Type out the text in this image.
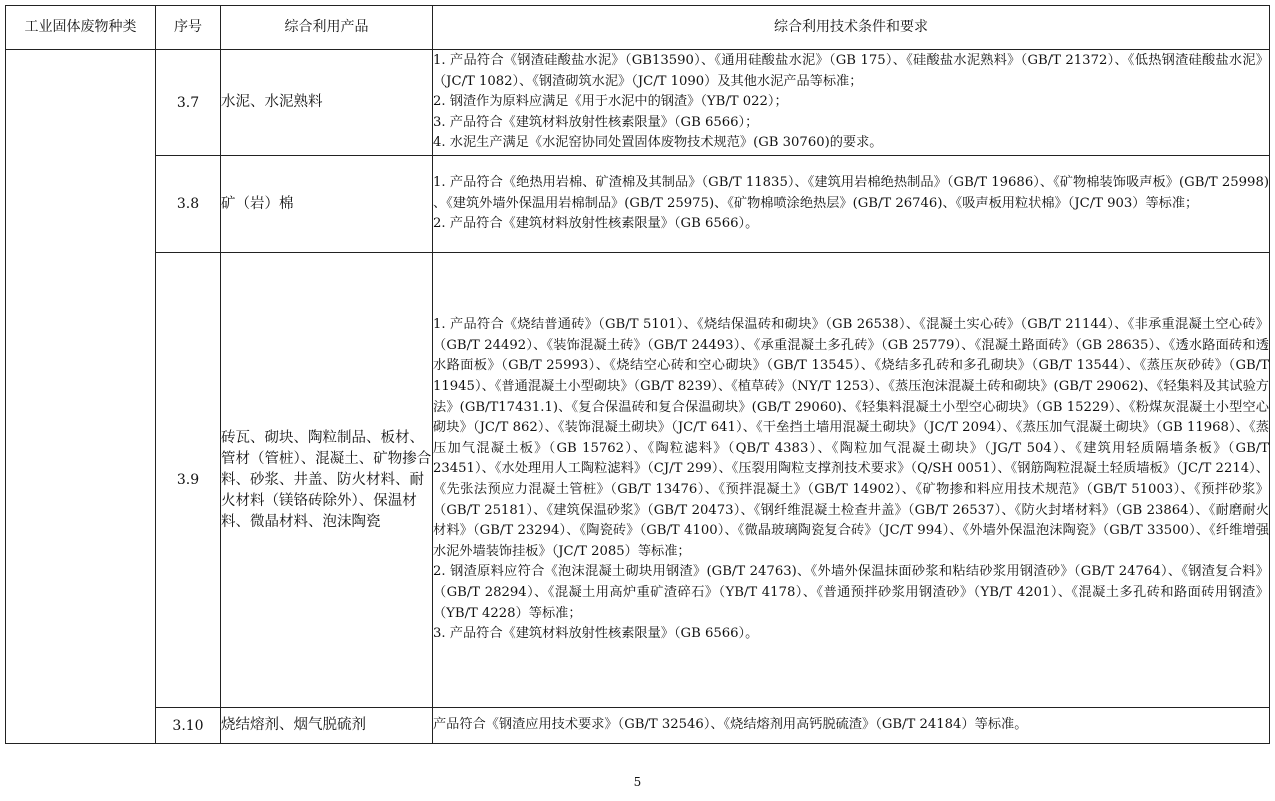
工业固体废物种类	序号	综合利用产品	综合利用技术条件和要求
	3.7	水泥、水泥熟料	1. 产品符合《钢渣硅酸盐水泥》（GB13590）、《通用硅酸盐水泥》（GB 175）、《硅酸盐水泥熟料》（GB/T 21372）、《低热钢渣硅酸盐水泥》（JC/T 1082）、《钢渣砌筑水泥》（JC/T 1090）及其他水泥产品等标准；
2. 钢渣作为原料应满足《用于水泥中的钢渣》（YB/T 022）；
3. 产品符合《建筑材料放射性核素限量》（GB 6566）；
4. 水泥生产满足《水泥窑协同处置固体废物技术规范》(GB 30760)的要求。

	3.8	矿（岩）棉	1. 产品符合《绝热用岩棉、矿渣棉及其制品》（GB/T 11835）、《建筑用岩棉绝热制品》（GB/T 19686）、《矿物棉装饰吸声板》(GB/T 25998) 、《建筑外墙外保温用岩棉制品》(GB/T 25975)、《矿物棉喷涂绝热层》(GB/T 26746)、《吸声板用粒状棉》（JC/T 903）等标准；
2. 产品符合《建筑材料放射性核素限量》（GB 6566）。

	3.9	砖瓦、砌块、陶粒制品、板材、管材（管桩）、混凝土、矿物掺合料、砂浆、井盖、防火材料、耐火材料（镁铬砖除外）、保温材料、微晶材料、泡沫陶瓷	1. 产品符合《烧结普通砖》（GB/T 5101）、《烧结保温砖和砌块》（GB 26538）、《混凝土实心砖》（GB/T 21144）、《非承重混凝土空心砖》（GB/T 24492）、《装饰混凝土砖》（GB/T 24493）、《承重混凝土多孔砖》（GB 25779）、《混凝土路面砖》（GB 28635）、《透水路面砖和透水路面板》（GB/T 25993）、《烧结空心砖和空心砌块》（GB/T 13545）、《烧结多孔砖和多孔砌块》（GB/T 13544）、《蒸压灰砂砖》（GB/T 11945）、《普通混凝土小型砌块》（GB/T 8239）、《植草砖》（NY/T 1253）、《蒸压泡沫混凝土砖和砌块》(GB/T 29062)、《轻集料及其试验方法》(GB/T17431.1)、《复合保温砖和复合保温砌块》(GB/T 29060)、《轻集料混凝土小型空心砌块》（GB 15229）、《粉煤灰混凝土小型空心砌块》（JC/T 862）、《装饰混凝土砌块》（JC/T 641）、《干垒挡土墙用混凝土砌块》（JC/T 2094）、《蒸压加气混凝土砌块》（GB 11968）、《蒸压加气混凝土板》（GB 15762）、《陶粒滤料》（QB/T 4383）、《陶粒加气混凝土砌块》（JG/T 504）、《建筑用轻质隔墙条板》（GB/T 23451）、《水处理用人工陶粒滤料》（CJ/T 299）、《压裂用陶粒支撑剂技术要求》（Q/SH 0051）、《钢筋陶粒混凝土轻质墙板》（JC/T 2214）、《先张法预应力混凝土管桩》（GB/T 13476）、《预拌混凝土》（GB/T 14902）、《矿物掺和料应用技术规范》（GB/T 51003）、《预拌砂浆》（GB/T 25181）、《建筑保温砂浆》（GB/T 20473）、《钢纤维混凝土检查井盖》（GB/T 26537）、《防火封堵材料》（GB 23864）、《耐磨耐火材料》（GB/T 23294）、《陶瓷砖》（GB/T 4100）、《微晶玻璃陶瓷复合砖》（JC/T 994）、《外墙外保温泡沫陶瓷》（GB/T 33500）、《纤维增强水泥外墙装饰挂板》（JC/T 2085）等标准；
2. 钢渣原料应符合《泡沫混凝土砌块用钢渣》(GB/T 24763)、《外墙外保温抹面砂浆和粘结砂浆用钢渣砂》（GB/T 24764）、《钢渣复合料》（GB/T 28294）、《混凝土用高炉重矿渣碎石》（YB/T 4178）、《普通预拌砂浆用钢渣砂》（YB/T 4201）、《混凝土多孔砖和路面砖用钢渣》（YB/T 4228）等标准；
3. 产品符合《建筑材料放射性核素限量》（GB 6566）。

	3.10	烧结熔剂、烟气脱硫剂	产品符合《钢渣应用技术要求》（GB/T 32546）、《烧结熔剂用高钙脱硫渣》（GB/T 24184）等标准。
5
